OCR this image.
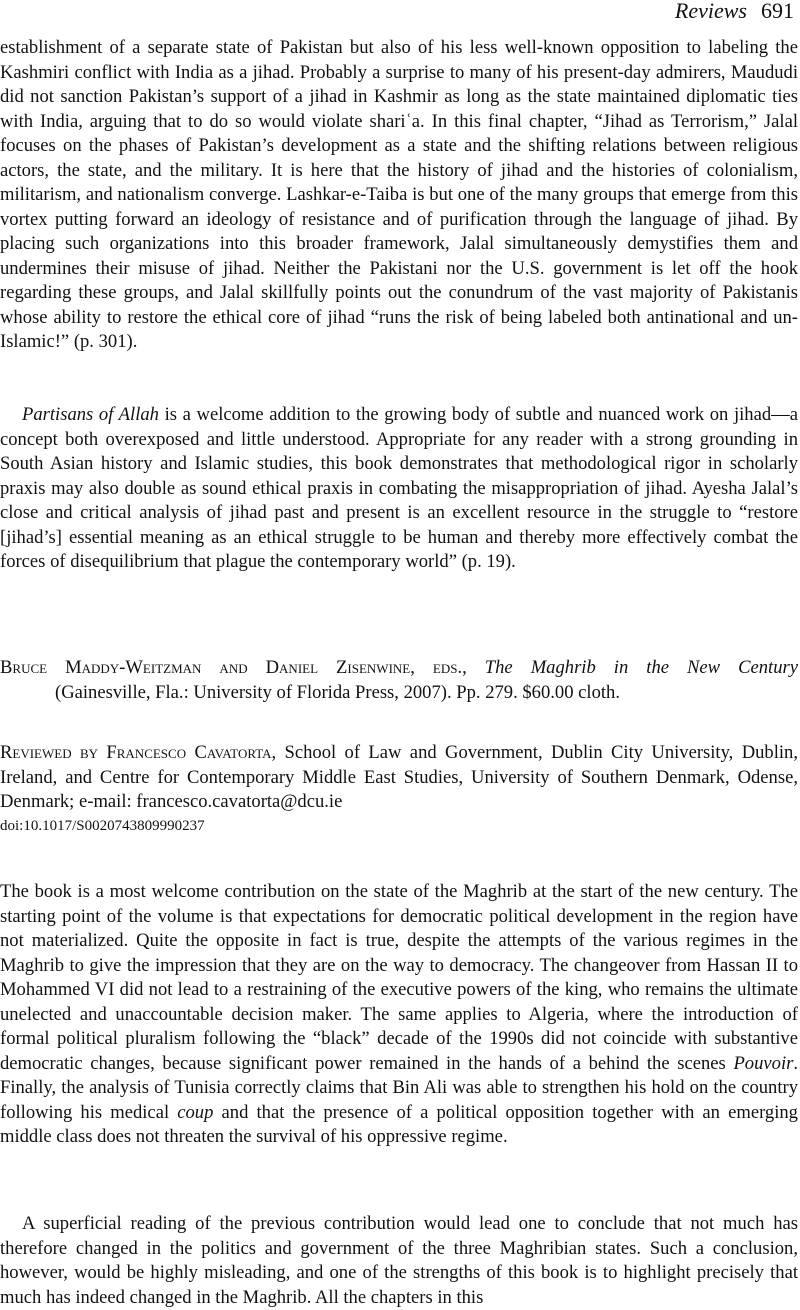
Reviews 691

establishment of a separate state of Pakistan but also of his less well-known opposition to labeling the Kashmiri conflict with India as a jihad. Probably a surprise to many of his present-day admirers, Maududi did not sanction Pakistan’s support of a jihad in Kashmir as long as the state maintained diplomatic ties with India, arguing that to do so would violate shariʿa. In this final chapter, “Jihad as Terrorism,” Jalal focuses on the phases of Pakistan’s development as a state and the shifting relations between religious actors, the state, and the military. It is here that the history of jihad and the histories of colonialism, militarism, and nationalism converge. Lashkar-e-Taiba is but one of the many groups that emerge from this vortex putting forward an ideology of resistance and of purification through the language of jihad. By placing such organizations into this broader framework, Jalal simultaneously demystifies them and undermines their misuse of jihad. Neither the Pakistani nor the U.S. government is let off the hook regarding these groups, and Jalal skillfully points out the conundrum of the vast majority of Pakistanis whose ability to restore the ethical core of jihad “runs the risk of being labeled both antinational and un-Islamic!” (p. 301).

Partisans of Allah is a welcome addition to the growing body of subtle and nuanced work on jihad—a concept both overexposed and little understood. Appropriate for any reader with a strong grounding in South Asian history and Islamic studies, this book demonstrates that methodological rigor in scholarly praxis may also double as sound ethical praxis in combating the misappropriation of jihad. Ayesha Jalal’s close and critical analysis of jihad past and present is an excellent resource in the struggle to “restore [jihad’s] essential meaning as an ethical struggle to be human and thereby more effectively combat the forces of disequilibrium that plague the contemporary world” (p. 19).

Bruce Maddy-Weitzman and Daniel Zisenwine, eds., The Maghrib in the New Century
(Gainesville, Fla.: University of Florida Press, 2007). Pp. 279. $60.00 cloth.

Reviewed by Francesco Cavatorta, School of Law and Government, Dublin City University, Dublin, Ireland, and Centre for Contemporary Middle East Studies, University of Southern Denmark, Odense, Denmark; e-mail: francesco.cavatorta@dcu.ie

doi:10.1017/S0020743809990237

The book is a most welcome contribution on the state of the Maghrib at the start of the new century. The starting point of the volume is that expectations for democratic political development in the region have not materialized. Quite the opposite in fact is true, despite the attempts of the various regimes in the Maghrib to give the impression that they are on the way to democracy. The changeover from Hassan II to Mohammed VI did not lead to a restraining of the executive powers of the king, who remains the ultimate unelected and unaccountable decision maker. The same applies to Algeria, where the introduction of formal political pluralism following the “black” decade of the 1990s did not coincide with substantive democratic changes, because significant power remained in the hands of a behind the scenes Pouvoir. Finally, the analysis of Tunisia correctly claims that Bin Ali was able to strengthen his hold on the country following his medical coup and that the presence of a political opposition together with an emerging middle class does not threaten the survival of his oppressive regime.

A superficial reading of the previous contribution would lead one to conclude that not much has therefore changed in the politics and government of the three Maghribian states. Such a conclusion, however, would be highly misleading, and one of the strengths of this book is to highlight precisely that much has indeed changed in the Maghrib. All the chapters in this
